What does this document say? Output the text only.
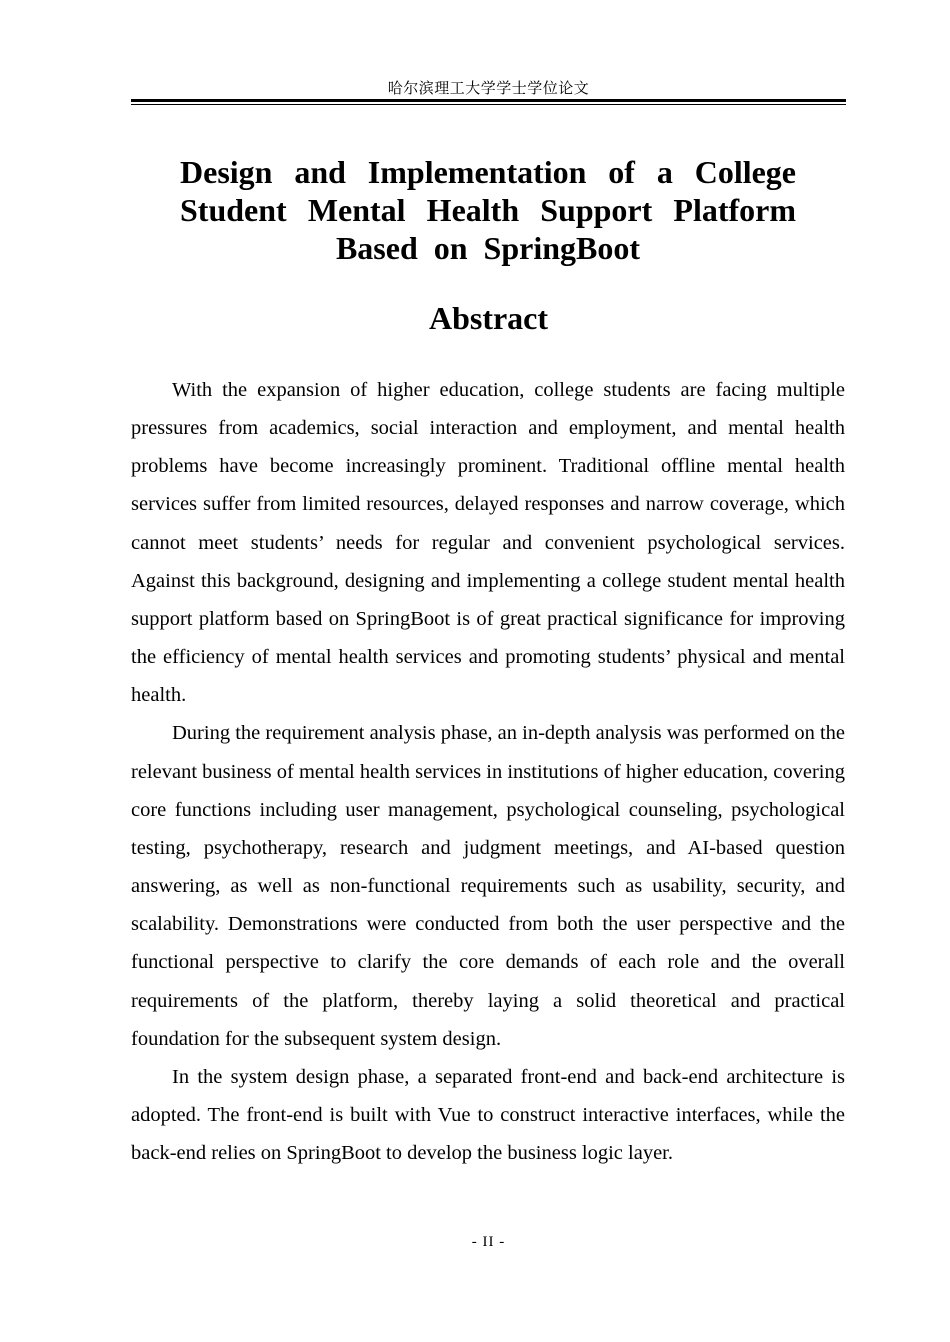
哈尔滨理工大学学士学位论文
Design and Implementation of a College
Student Mental Health Support Platform
Based on SpringBoot
Abstract

With the expansion of higher education, college students are facing multiple pressures from academics, social interaction and employment, and mental health problems have become increasingly prominent. Traditional offline mental health services suffer from limited resources, delayed responses and narrow coverage, which cannot meet students’ needs for regular and convenient psychological services. Against this background, designing and implementing a college student mental health support platform based on SpringBoot is of great practical significance for improving the efficiency of mental health services and promoting students’ physical and mental health.

During the requirement analysis phase, an in-depth analysis was performed on the relevant business of mental health services in institutions of higher education, covering core functions including user management, psychological counseling, psychological testing, psychotherapy, research and judgment meetings, and AI-based question answering, as well as non-functional requirements such as usability, security, and scalability. Demonstrations were conducted from both the user perspective and the functional perspective to clarify the core demands of each role and the overall requirements of the platform, thereby laying a solid theoretical and practical foundation for the subsequent system design.

In the system design phase, a separated front-end and back-end architecture is adopted. The front-end is built with Vue to construct interactive interfaces, while the back-end relies on SpringBoot to develop the business logic layer.

- II -
